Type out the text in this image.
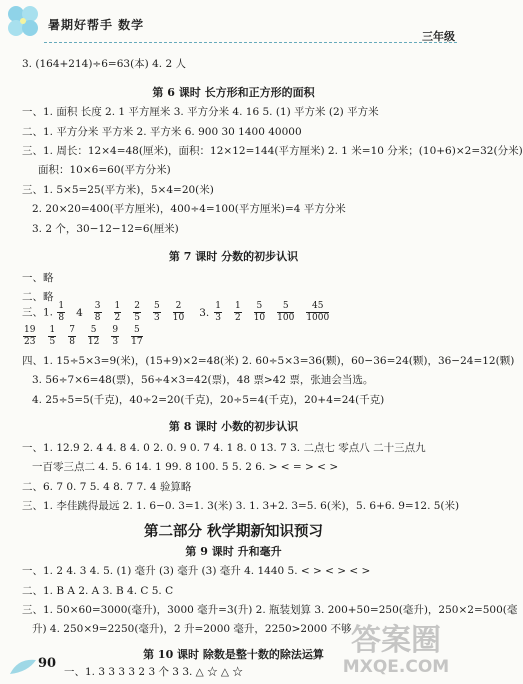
暑期好帮手 数学
三年级
3. (164+214)÷6=63(本) 4. 2 人
第 6 课时 长方形和正方形的面积
一、1. 面积 长度 2. 1 平方厘米 3. 平方分米 4. 16 5. (1) 平方米 (2) 平方米
二、1. 平方分米 平方米 2. 平方米 6. 900 30 1400 40000
三、1. 周长：12×4=48(厘米)，面积：12×12=144(平方厘米) 2. 1 米=10 分米；(10+6)×2=32(分米)
面积：10×6=60(平方分米)
三、1. 5×5=25(平方米)，5×4=20(米)
2. 20×20=400(平方厘米)，400÷4=100(平方厘米)=4 平方分米
3. 2 个，30−12−12=6(厘米)
第 7 课时 分数的初步认识
一、略
二、略
三、1. $\frac{1}{8} 4 \frac{3}{8} \frac{1}{2} \frac{2}{5} \frac{5}{3} \frac{2}{10} 3$. $\frac{1}{3} \frac{1}{2} \frac{5}{10} \frac{5}{100} \frac{45}{1000}$
$\frac{19}{23} \frac{1}{5} \frac{7}{8} \frac{5}{12} \frac{9}{3} \frac{5}{17}$
四、1. 15÷5×3=9(米)，(15+9)×2=48(米) 2. 60÷5×3=36(颗)，60−36=24(颗)，36−24=12(颗)
3. 56÷7×6=48(票)，56÷4×3=42(票)，48 票>42 票，张迪会当选。
4. 25÷5=5(千克)，40÷2=20(千克)，20÷5=4(千克)，20+4=24(千克)
第 8 课时 小数的初步认识
一、1. 12.9 2. 4 4. 8 4. 0 2. 0. 9 0. 7 4. 1 8. 0 13. 7 3. 二点七 零点八 二十三点九
一百零三点二 4. 5. 6 14. 1 99. 8 100. 5 5. 2 6. > < = > < >
二、6. 7 0. 7 5. 4 8. 7 7. 4 验算略
三、1. 李佳跳得最远 2. 1. 6−0. 3=1. 3(米) 3. 1. 3+2. 3=5. 6(米)，5. 6+6. 9=12. 5(米)
第二部分 秋学期新知识预习
第 9 课时 升和毫升
一、1. 2 4. 3 4. 5. (1) 毫升 (3) 毫升 (3) 毫升 4. 1440 5. < > < > < >
二、1. B A 2. A 3. B 4. C 5. C
三、1. 50×60=3000(毫升)，3000 毫升=3(升) 2. 瓶装划算 3. 200+50=250(毫升)，250×2=500(毫
升) 4. 250×9=2250(毫升)，2 升=2000 毫升，2250>2000 不够
第 10 课时 除数是整十数的除法运算
一、1. 3 3 3 3 2 3 个 3 3. △ ☆ △ ☆
90
答案圈
MXQE.COM
